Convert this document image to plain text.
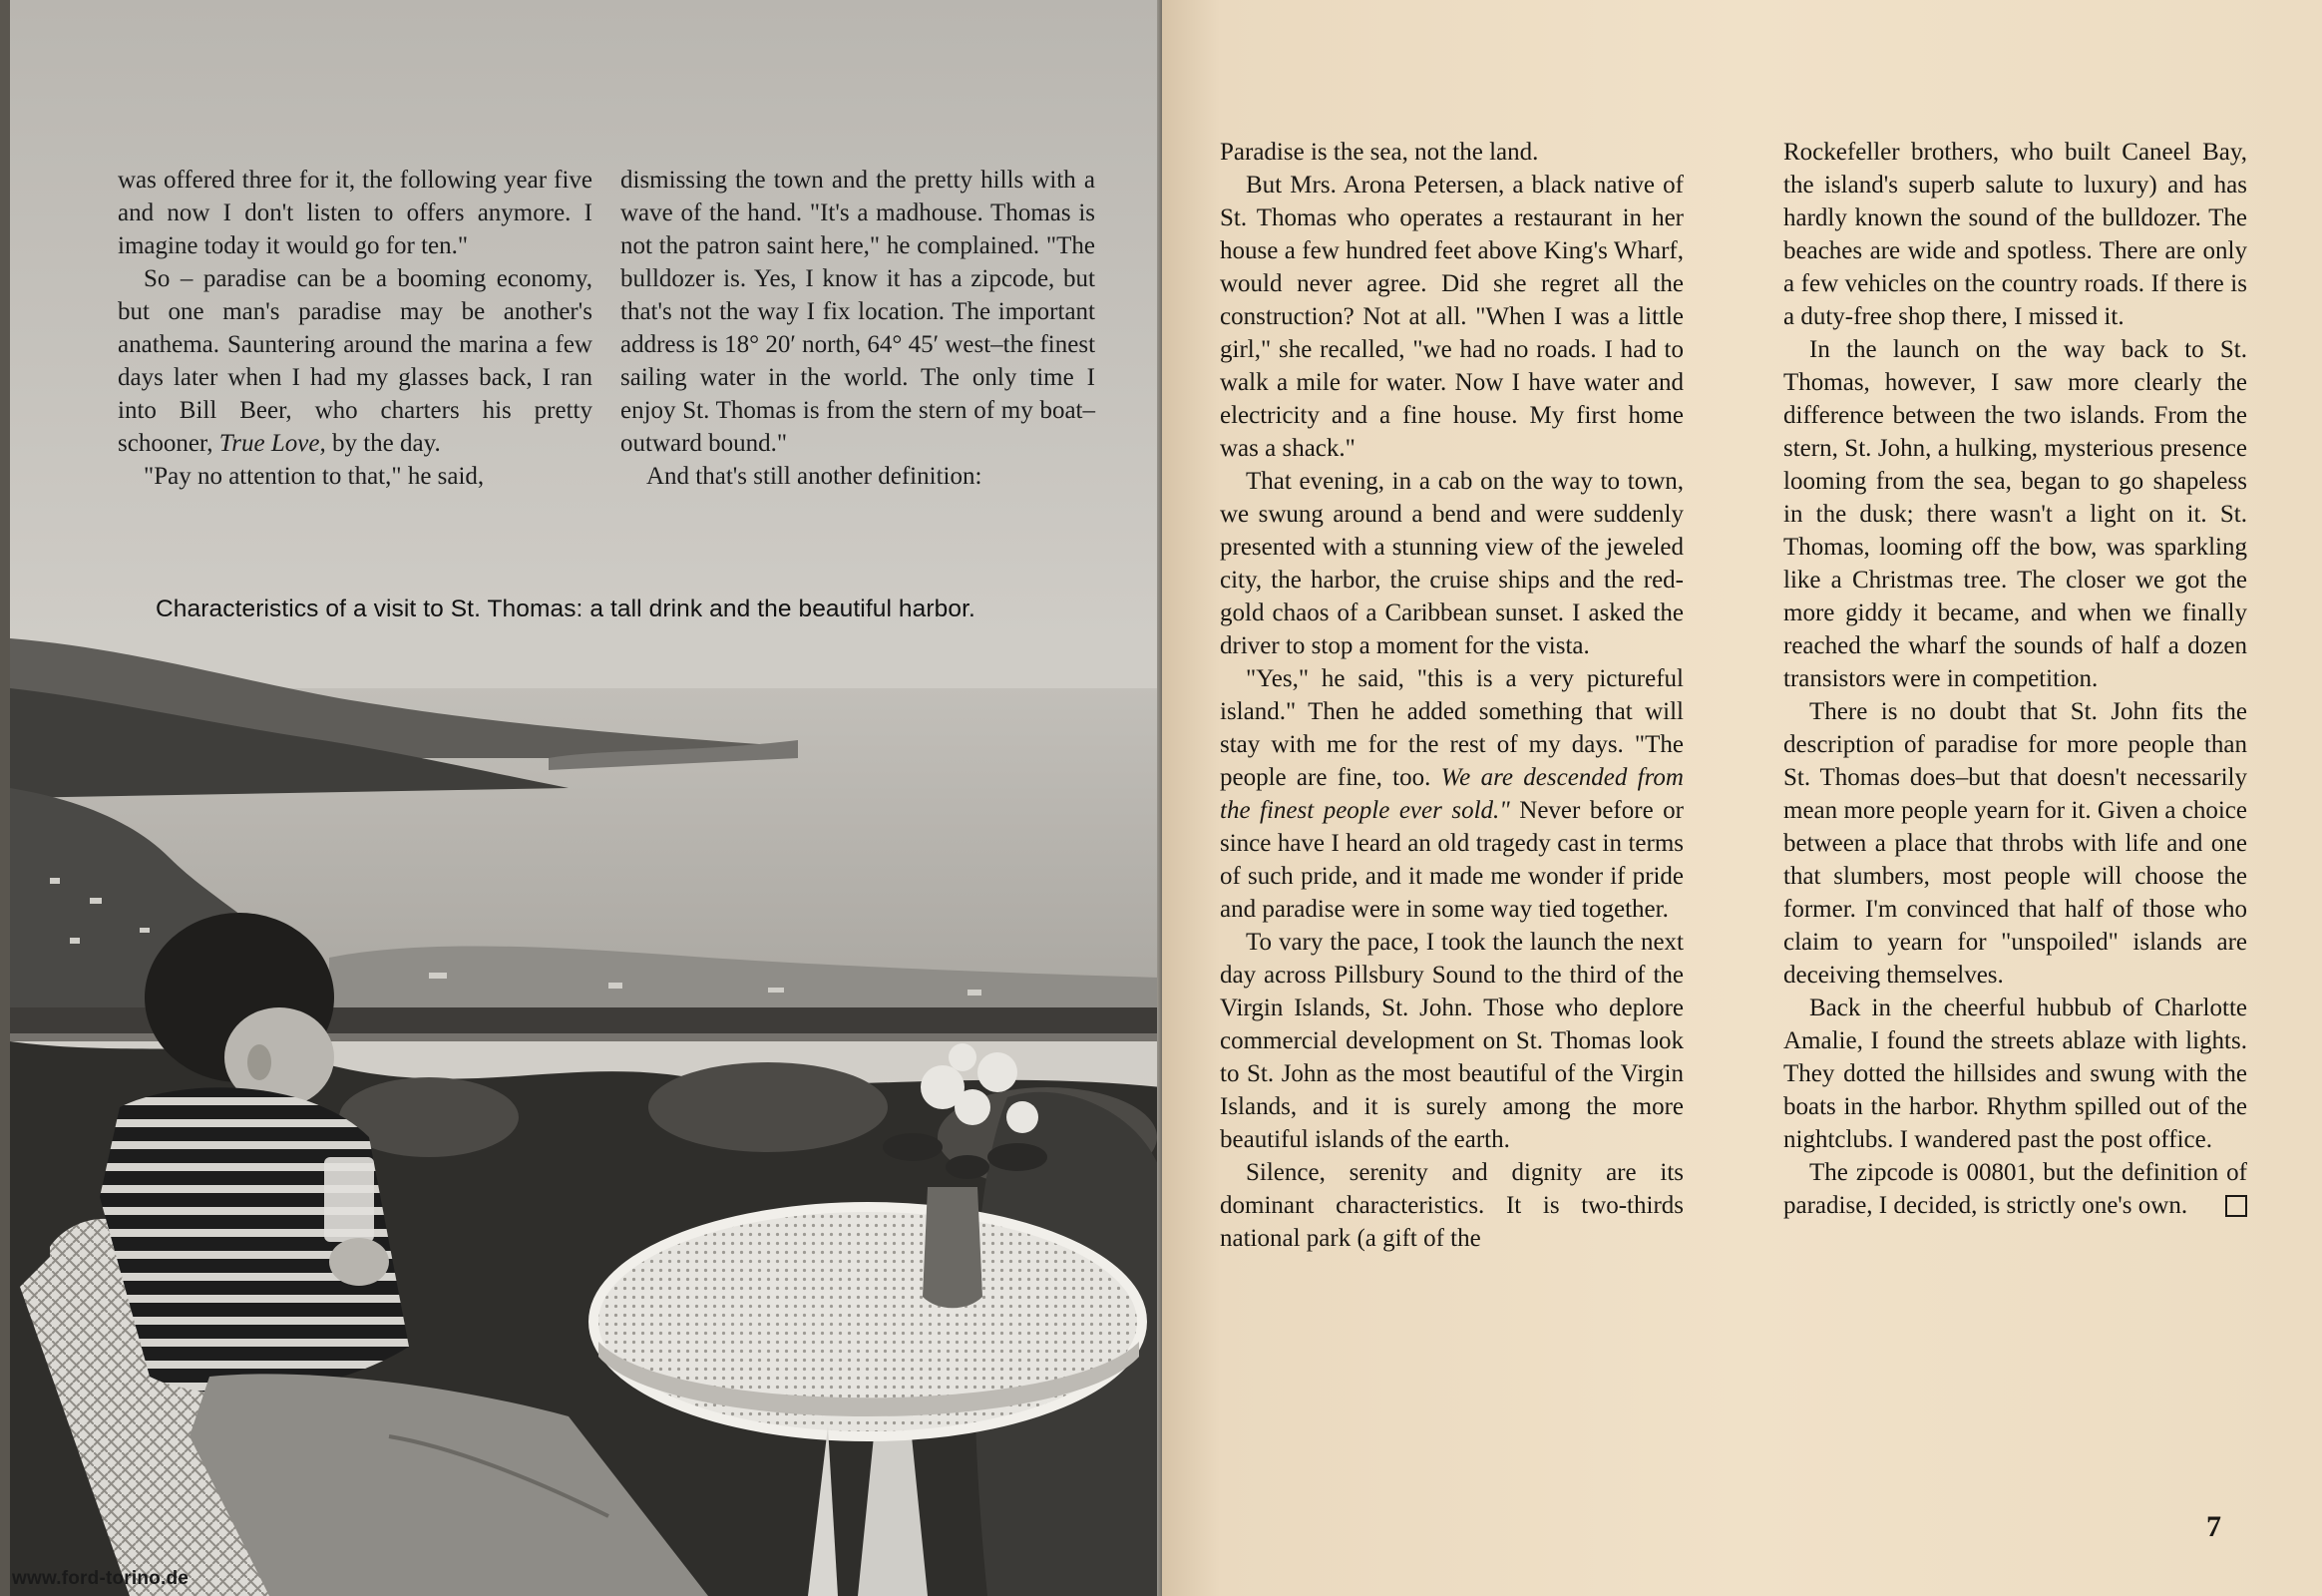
was offered three for it, the following year five and now I don't listen to offers anymore. I imagine today it would go for ten."

So – paradise can be a booming economy, but one man's paradise may be another's anathema. Sauntering around the marina a few days later when I had my glasses back, I ran into Bill Beer, who charters his pretty schooner, True Love, by the day.

"Pay no attention to that," he said,

dismissing the town and the pretty hills with a wave of the hand. "It's a madhouse. Thomas is not the patron saint here," he complained. "The bulldozer is. Yes, I know it has a zipcode, but that's not the way I fix location. The important address is 18° 20′ north, 64° 45′ west–the finest sailing water in the world. The only time I enjoy St. Thomas is from the stern of my boat–outward bound."

And that's still another definition:

Characteristics of a visit to St. Thomas: a tall drink and the beautiful harbor.

Paradise is the sea, not the land.

But Mrs. Arona Petersen, a black native of St. Thomas who operates a restaurant in her house a few hundred feet above King's Wharf, would never agree. Did she regret all the construction? Not at all. "When I was a little girl," she recalled, "we had no roads. I had to walk a mile for water. Now I have water and electricity and a fine house. My first home was a shack."

That evening, in a cab on the way to town, we swung around a bend and were suddenly presented with a stunning view of the jeweled city, the harbor, the cruise ships and the red-gold chaos of a Caribbean sunset. I asked the driver to stop a moment for the vista.

"Yes," he said, "this is a very pictureful island." Then he added something that will stay with me for the rest of my days. "The people are fine, too. We are descended from the finest people ever sold." Never before or since have I heard an old tragedy cast in terms of such pride, and it made me wonder if pride and paradise were in some way tied together.

To vary the pace, I took the launch the next day across Pillsbury Sound to the third of the Virgin Islands, St. John. Those who deplore commercial development on St. Thomas look to St. John as the most beautiful of the Virgin Islands, and it is surely among the more beautiful islands of the earth.

Silence, serenity and dignity are its dominant characteristics. It is two-thirds national park (a gift of the

Rockefeller brothers, who built Caneel Bay, the island's superb salute to luxury) and has hardly known the sound of the bulldozer. The beaches are wide and spotless. There are only a few vehicles on the country roads. If there is a duty-free shop there, I missed it.

In the launch on the way back to St. Thomas, however, I saw more clearly the difference between the two islands. From the stern, St. John, a hulking, mysterious presence looming from the sea, began to go shapeless in the dusk; there wasn't a light on it. St. Thomas, looming off the bow, was sparkling like a Christmas tree. The closer we got the more giddy it became, and when we finally reached the wharf the sounds of half a dozen transistors were in competition.

There is no doubt that St. John fits the description of paradise for more people than St. Thomas does–but that doesn't necessarily mean more people yearn for it. Given a choice between a place that throbs with life and one that slumbers, most people will choose the former. I'm convinced that half of those who claim to yearn for "unspoiled" islands are deceiving themselves.

Back in the cheerful hubbub of Charlotte Amalie, I found the streets ablaze with lights. They dotted the hillsides and swung with the boats in the harbor. Rhythm spilled out of the nightclubs. I wandered past the post office.

The zipcode is 00801, but the definition of paradise, I decided, is strictly one's own.

7
www.ford-torino.de
